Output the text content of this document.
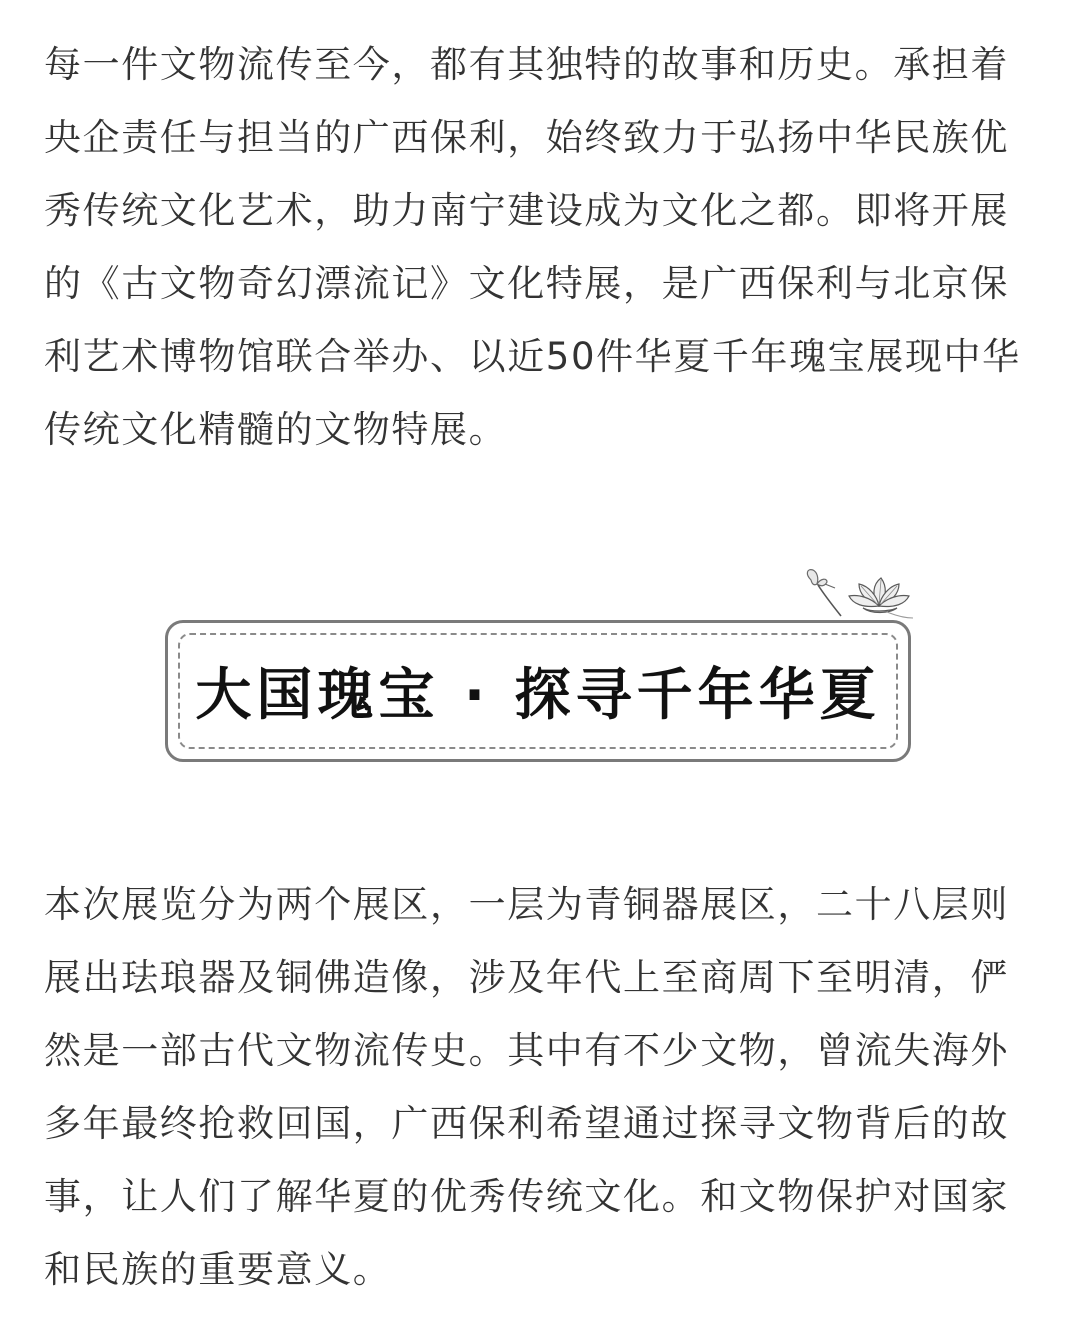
每一件文物流传至今，都有其独特的故事和历史。承担着
央企责任与担当的广西保利，始终致力于弘扬中华民族优
秀传统文化艺术，助力南宁建设成为文化之都。即将开展
的《古文物奇幻漂流记》文化特展，是广西保利与北京保
利艺术博物馆联合举办、以近50件华夏千年瑰宝展现中华
传统文化精髓的文物特展。
大国瑰宝 · 探寻千年华夏
本次展览分为两个展区，一层为青铜器展区，二十八层则
展出珐琅器及铜佛造像，涉及年代上至商周下至明清，俨
然是一部古代文物流传史。其中有不少文物，曾流失海外
多年最终抢救回国，广西保利希望通过探寻文物背后的故
事，让人们了解华夏的优秀传统文化。和文物保护对国家
和民族的重要意义。
